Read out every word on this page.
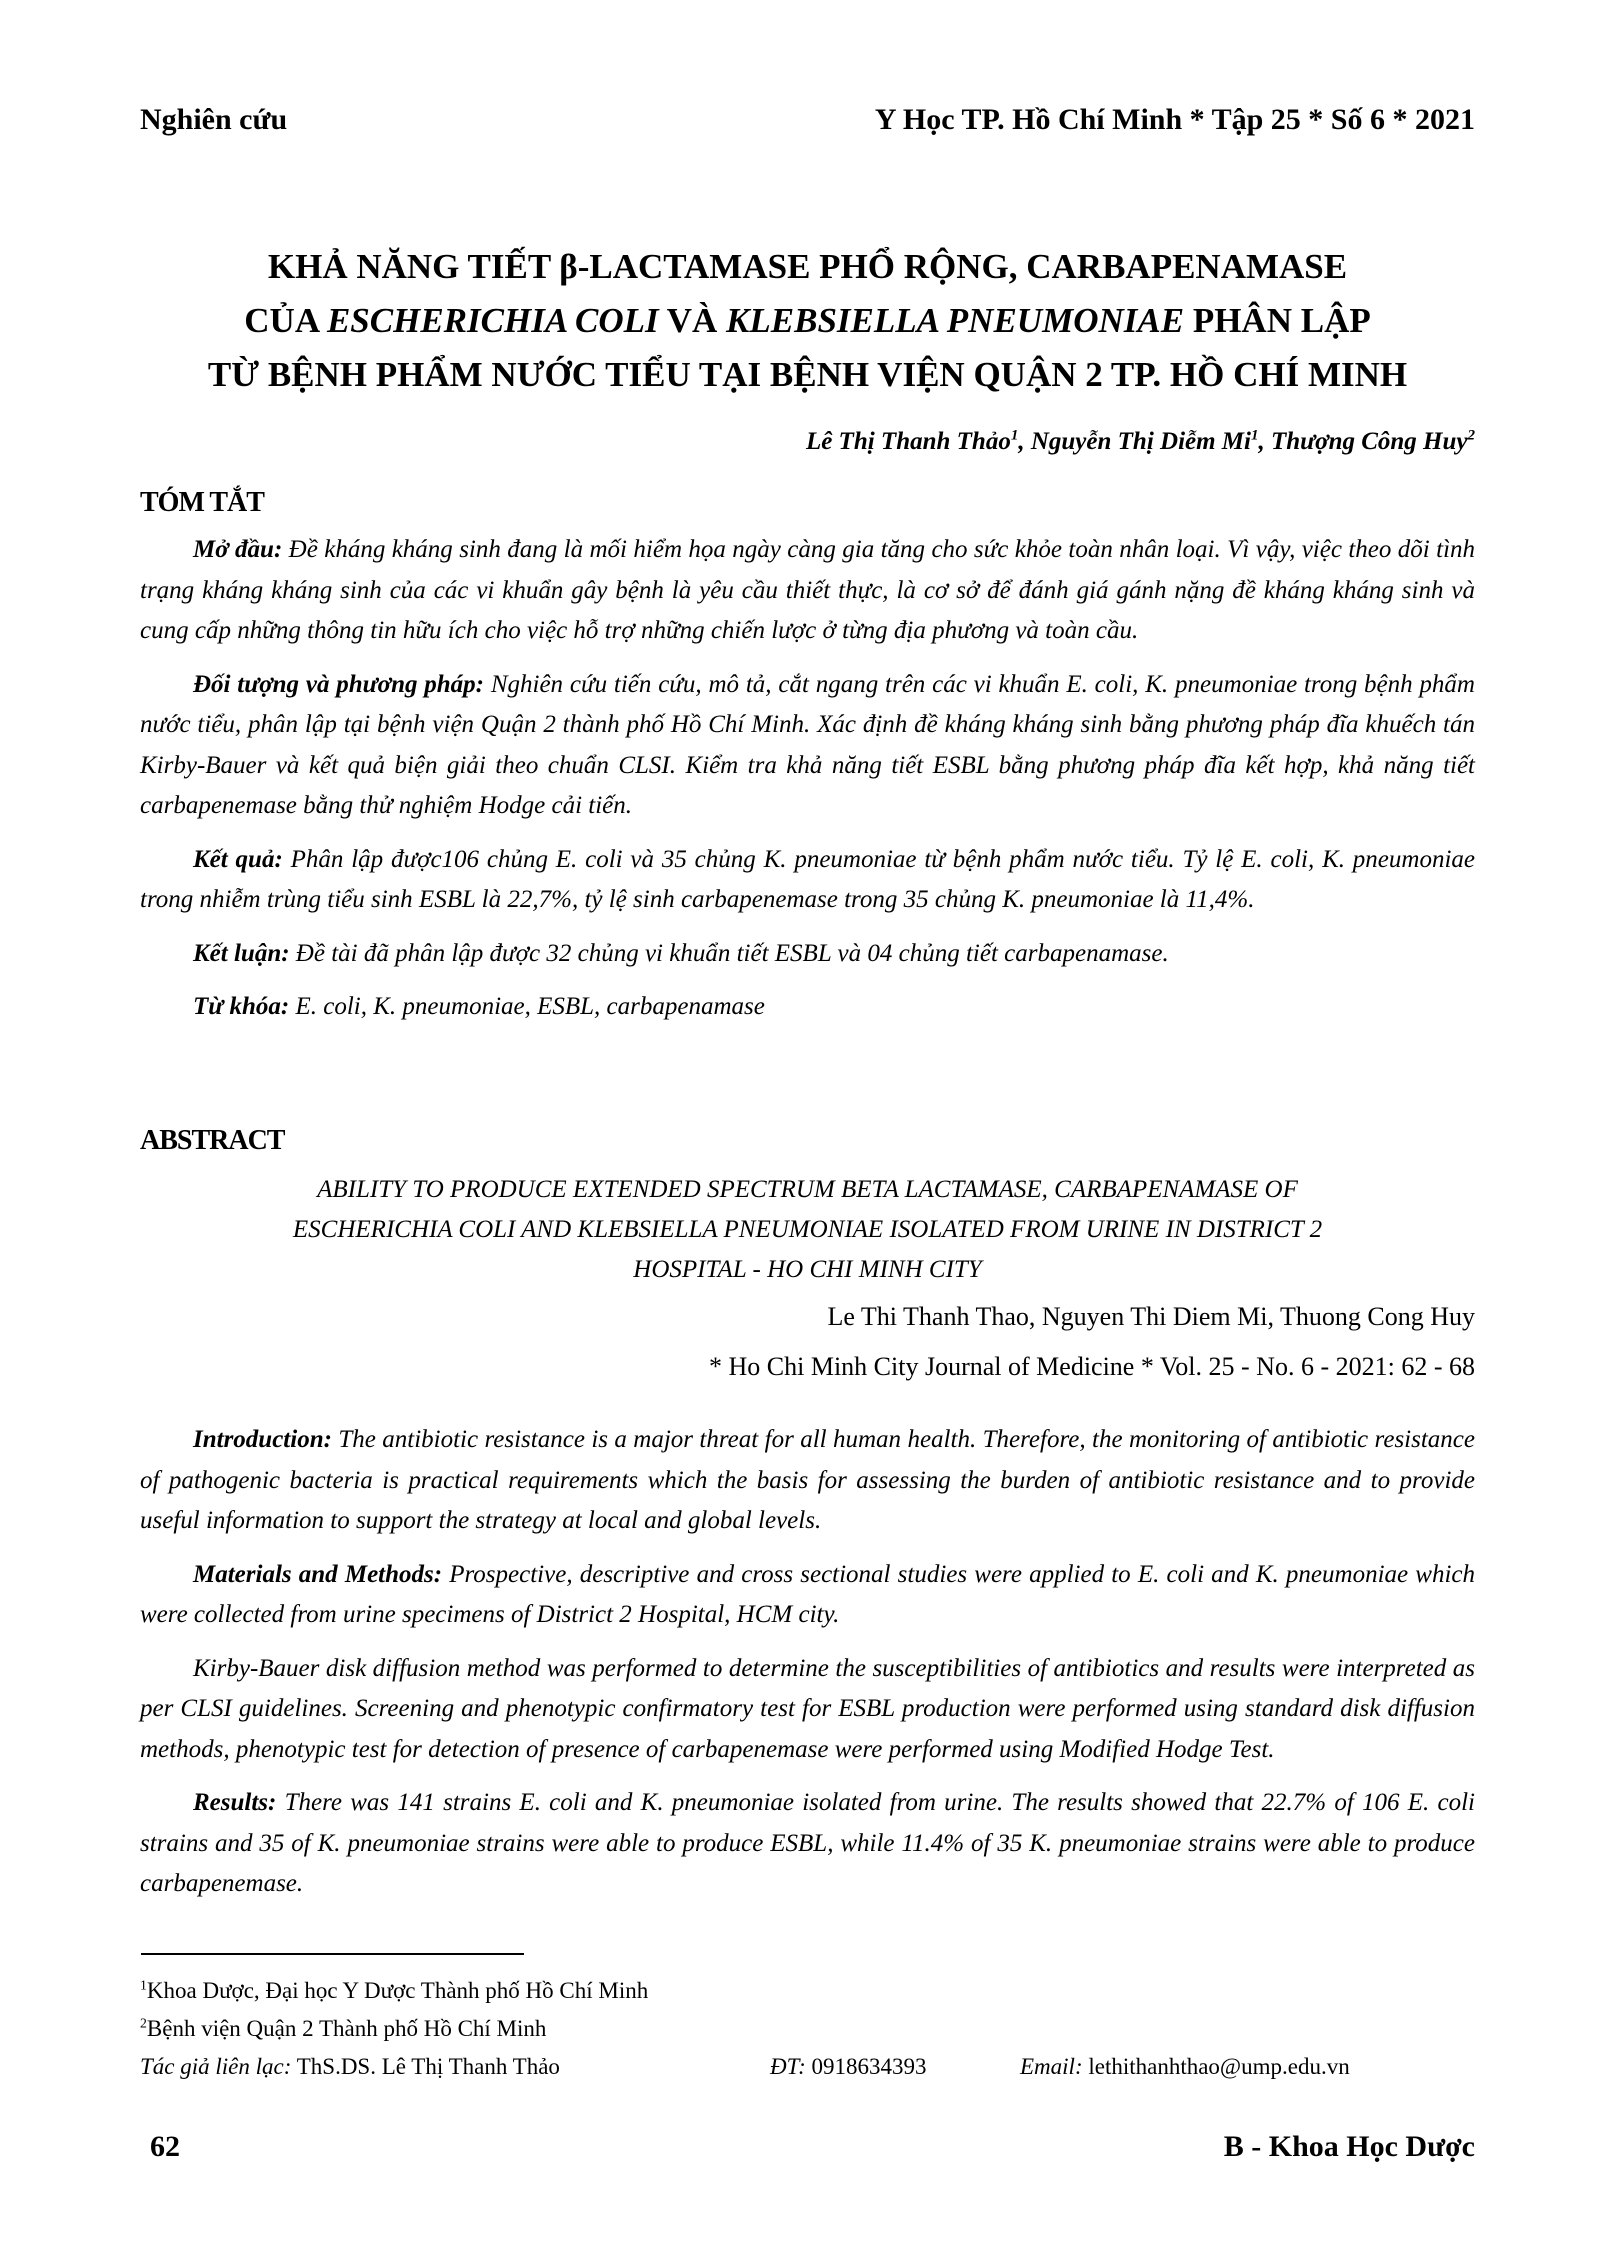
Nghiên cứu	Y Học TP. Hồ Chí Minh * Tập 25 * Số 6 * 2021
KHẢ NĂNG TIẾT β-LACTAMASE PHỔ RỘNG, CARBAPENAMASE
CỦA ESCHERICHIA COLI VÀ KLEBSIELLA PNEUMONIAE PHÂN LẬP
TỪ BỆNH PHẨM NƯỚC TIỂU TẠI BỆNH VIỆN QUẬN 2 TP. HỒ CHÍ MINH
Lê Thị Thanh Thảo$^1$, Nguyễn Thị Diễm Mi$^1$, Thượng Công Huy$^2$
TÓM TẮT

Mở đầu: Đề kháng kháng sinh đang là mối hiểm họa ngày càng gia tăng cho sức khỏe toàn nhân loại. Vì vậy, việc theo dõi tình trạng kháng kháng sinh của các vi khuẩn gây bệnh là yêu cầu thiết thực, là cơ sở để đánh giá gánh nặng đề kháng kháng sinh và cung cấp những thông tin hữu ích cho việc hỗ trợ những chiến lược ở từng địa phương và toàn cầu.

Đối tượng và phương pháp: Nghiên cứu tiến cứu, mô tả, cắt ngang trên các vi khuẩn E. coli, K. pneumoniae trong bệnh phẩm nước tiểu, phân lập tại bệnh viện Quận 2 thành phố Hồ Chí Minh. Xác định đề kháng kháng sinh bằng phương pháp đĩa khuếch tán Kirby-Bauer và kết quả biện giải theo chuẩn CLSI. Kiểm tra khả năng tiết ESBL bằng phương pháp đĩa kết hợp, khả năng tiết carbapenemase bằng thử nghiệm Hodge cải tiến.

Kết quả: Phân lập được106 chủng E. coli và 35 chủng K. pneumoniae từ bệnh phẩm nước tiểu. Tỷ lệ E. coli, K. pneumoniae trong nhiễm trùng tiểu sinh ESBL là 22,7%, tỷ lệ sinh carbapenemase trong 35 chủng K. pneumoniae là 11,4%.

Kết luận: Đề tài đã phân lập được 32 chủng vi khuẩn tiết ESBL và 04 chủng tiết carbapenamase.

Từ khóa: E. coli, K. pneumoniae, ESBL, carbapenamase

ABSTRACT
ABILITY TO PRODUCE EXTENDED SPECTRUM BETA LACTAMASE, CARBAPENAMASE OF
ESCHERICHIA COLI AND KLEBSIELLA PNEUMONIAE ISOLATED FROM URINE IN DISTRICT 2
HOSPITAL - HO CHI MINH CITY
Le Thi Thanh Thao, Nguyen Thi Diem Mi, Thuong Cong Huy
* Ho Chi Minh City Journal of Medicine * Vol. 25 - No. 6 - 2021: 62 - 68

Introduction: The antibiotic resistance is a major threat for all human health. Therefore, the monitoring of antibiotic resistance of pathogenic bacteria is practical requirements which the basis for assessing the burden of antibiotic resistance and to provide useful information to support the strategy at local and global levels.

Materials and Methods: Prospective, descriptive and cross sectional studies were applied to E. coli and K. pneumoniae which were collected from urine specimens of District 2 Hospital, HCM city.

Kirby-Bauer disk diffusion method was performed to determine the susceptibilities of antibiotics and results were interpreted as per CLSI guidelines. Screening and phenotypic confirmatory test for ESBL production were performed using standard disk diffusion methods, phenotypic test for detection of presence of carbapenemase were performed using Modified Hodge Test.

Results: There was 141 strains E. coli and K. pneumoniae isolated from urine. The results showed that 22.7% of 106 E. coli strains and 35 of K. pneumoniae strains were able to produce ESBL, while 11.4% of 35 K. pneumoniae strains were able to produce carbapenemase.

$^1$Khoa Dược, Đại học Y Dược Thành phố Hồ Chí Minh
$^2$Bệnh viện Quận 2 Thành phố Hồ Chí Minh
Tác giả liên lạc: ThS.DS. Lê Thị Thanh Thảo	ĐT: 0918634393	Email: lethithanhthao@ump.edu.vn
62	B - Khoa Học Dược
